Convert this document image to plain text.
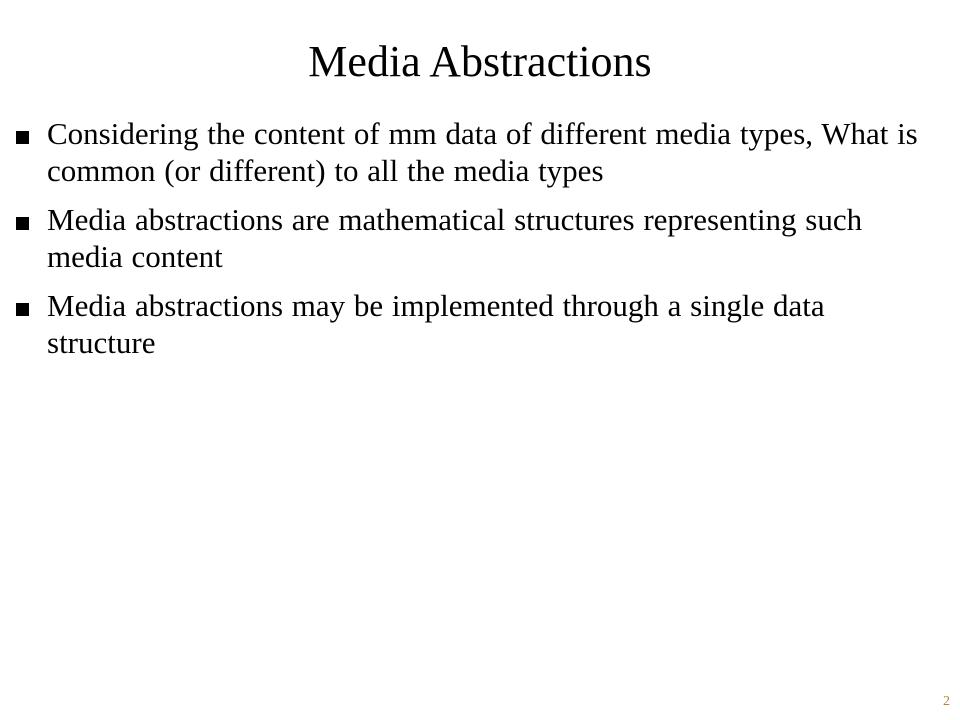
Media Abstractions
Considering the content of mm data of different media types, What is common (or different) to all the media types
Media abstractions are mathematical structures representing such media content
Media abstractions may be implemented through a single data structure
2
